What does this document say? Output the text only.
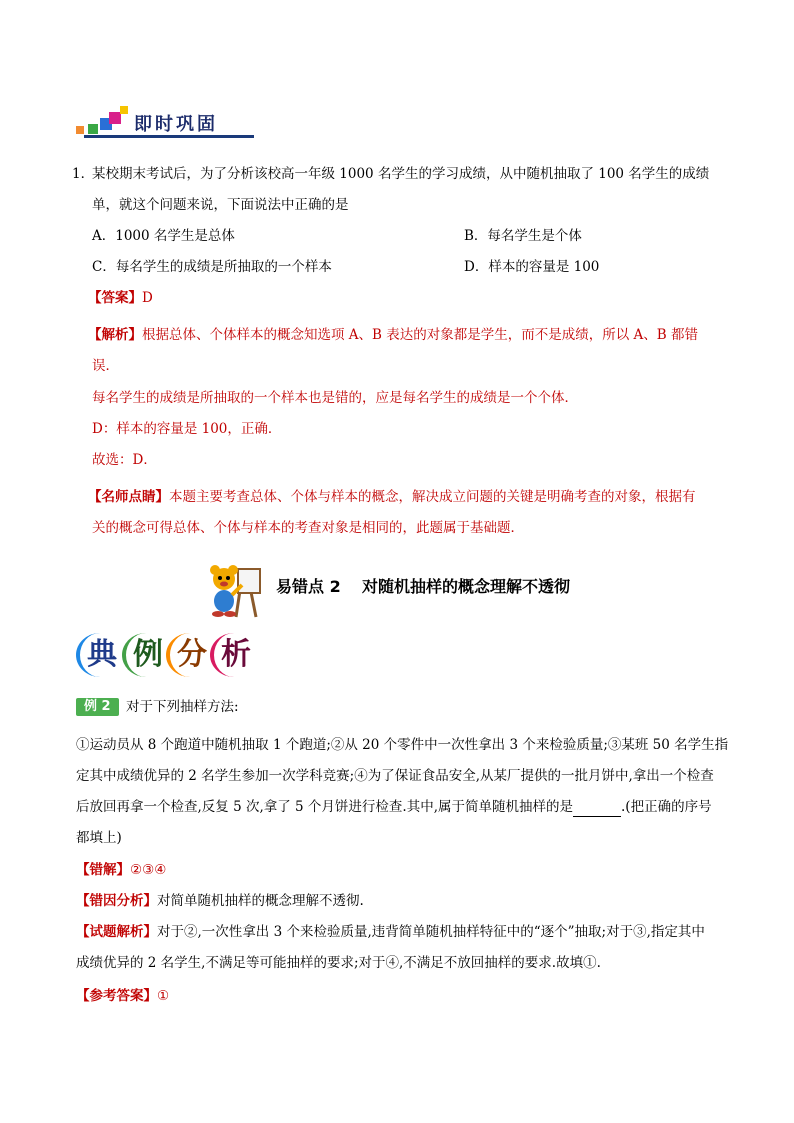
即时巩固
1．
某校期末考试后，为了分析该校高一年级 1000 名学生的学习成绩，从中随机抽取了 100 名学生的成绩
单，就这个问题来说，下面说法中正确的是
A．1000 名学生是总体	B．每名学生是个体
C．每名学生的成绩是所抽取的一个样本	D．样本的容量是 100
【答案】D
【解析】根据总体、个体样本的概念知选项 A、B 表达的对象都是学生，而不是成绩，所以 A、B 都错
误．
每名学生的成绩是所抽取的一个样本也是错的，应是每名学生的成绩是一个个体．
D：样本的容量是 100，正确．
故选：D．
【名师点睛】本题主要考查总体、个体与样本的概念，解决成立问题的关键是明确考查的对象，根据有
关的概念可得总体、个体与样本的考查对象是相同的，此题属于基础题．
易错点 2 对随机抽样的概念理解不透彻
典 例 分 析
例 2	对于下列抽样方法:
①运动员从 8 个跑道中随机抽取 1 个跑道;②从 20 个零件中一次性拿出 3 个来检验质量;③某班 50 名学生指
定其中成绩优异的 2 名学生参加一次学科竞赛;④为了保证食品安全,从某厂提供的一批月饼中,拿出一个检查
后放回再拿一个检查,反复 5 次,拿了 5 个月饼进行检查.其中,属于简单随机抽样的是	.(把正确的序号
都填上)
【错解】②③④
【错因分析】对简单随机抽样的概念理解不透彻.
【试题解析】对于②,一次性拿出 3 个来检验质量,违背简单随机抽样特征中的“逐个”抽取;对于③,指定其中
成绩优异的 2 名学生,不满足等可能抽样的要求;对于④,不满足不放回抽样的要求.故填①.
【参考答案】①
